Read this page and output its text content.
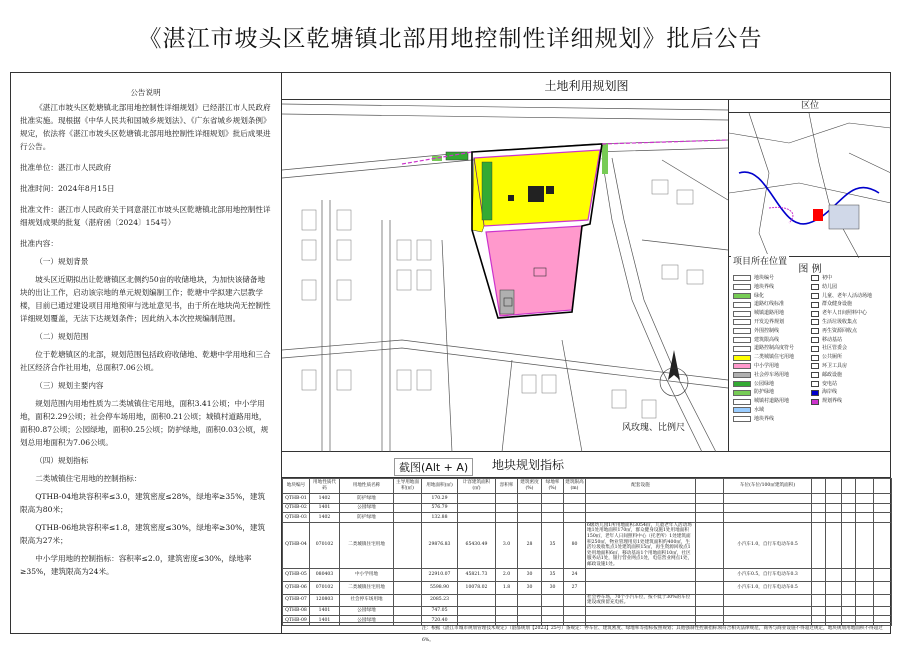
《湛江市坡头区乾塘镇北部用地控制性详细规划》批后公告
公告说明

《湛江市坡头区乾塘镇北部用地控制性详细规划》已经湛江市人民政府批准实施。现根据《中华人民共和国城乡规划法》、《广东省城乡规划条例》规定，依法将《湛江市坡头区乾塘镇北部用地控制性详细规划》批后成果进行公告。

批准单位：湛江市人民政府

批准时间：2024年8月15日

批准文件：湛江市人民政府关于同意湛江市坡头区乾塘镇北部用地控制性详细规划成果的批复（湛府函〔2024〕154号）

批准内容：

（一）规划背景

坡头区近期拟出让乾塘镇区北侧约50亩的收储地块，为加快该储备地块的出让工作，启动该宗地的单元规划编制工作；乾塘中学拟建六层教学楼，目前已通过建设项目用地预审与选址意见书，由于所在地块尚无控制性详细规划覆盖，无法下达规划条件；因此纳入本次控规编制范围。

（二）规划范围

位于乾塘镇区的北部，规划范围包括政府收储地、乾塘中学用地和三合社区经济合作社用地，总面积7.06公顷。

（三）规划主要内容

规划范围内用地性质为二类城镇住宅用地，面积3.41公顷；中小学用地，面积2.29公顷；社会停车场用地，面积0.21公顷；城镇村道路用地，面积0.87公顷；公园绿地，面积0.25公顷；防护绿地，面积0.03公顷，规划总用地面积为7.06公顷。

（四）规划指标

二类城镇住宅用地的控制指标：

QTHB-04地块容积率≤3.0，建筑密度≤28%，绿地率≥35%，建筑限高为80米；

QTHB-06地块容积率≤1.8，建筑密度≤30%，绿地率≥30%，建筑限高为27米；

中小学用地的控制指标：容积率≤2.0，建筑密度≤30%，绿地率≥35%，建筑限高为24米。

土地利用规划图
风玫瑰、比例尺
区位
项目所在位置
图 例
地块编号
地块界线
绿化
道路红线标准
城镇道路用地
开发边界规划
外围控制线
建筑限高线
道路控制高度符号
二类城镇住宅用地
中小学用地
社会停车场用地
公园绿地
防护绿地
城镇村道路用地
水域
地块界线
初中
幼儿园
儿童、老年人活动场地
群众健身设施
老年人日间照料中心
生活垃圾收集点
再生资源回收点
移动基站
社区管委会
公共厕所
环卫工具房
邮政设施
变电站
海岸线
规划界线
截图(Alt + A)	地块规划指标
地块编号	用地性质代码	用地性质名称	主导用地面积(㎡)	用地面积(㎡)	计容建筑面积(㎡)	容积率	建筑密度(%)	绿地率(%)	建筑限高(m)	配套设施		车位(车位/100㎡建筑面积)					
QTHB-01	1402	防护绿地		170.29													
QTHB-02	1401	公园绿地		576.79													
QTHB-03	1402	防护绿地		132.88													
QTHB-04	070102	二类城镇住宅用地		29876.83	65430.49	3.0	28	35	80	6级幼儿园1所用地面积3054㎡，儿童老年人活动场地1处用地面积170㎡，群众健身设施1处用地面积150㎡，老年人日间照料中心（托老所）1处建筑面积250㎡，物业管理用房1处建筑面积约400㎡，生活垃圾收集点1处建筑面积15㎡，再生资源回收点1处用地面积6㎡，移动基站1个用地面积10㎡，社区服务站1处，银行营业网点1处，电信营业网点1处，邮政设施1处。		小汽车1.0，自行车电动车0.5					
QTHB-05	080403	中小学用地		22910.07	45821.73	2.0	30	35	24			小汽车0.5，自行车电动车0.3					
QTHB-06	070102	二类城镇住宅用地		5598.90	10078.02	1.8	30	30	27			小汽车1.0，自行车电动车0.5					
QTHB-07	120803	社会停车场用地		2085.23						社会停车场，70个小汽车位，按不低于30%的车位建设或预留充电桩。							
QTHB-08	1401	公园绿地		747.05													
QTHB-09	1401	公园绿地		720.40													
注：根据《湛江市城市规划管理技术规定》（湛都规划【2023】25号）条规定：停车位、建筑密度、绿地率等指标按照规划；其他强制性控制指标须符合相关法律规范，商务与商业设施不得超过规定，地块规划用地面积不得超过6%。
